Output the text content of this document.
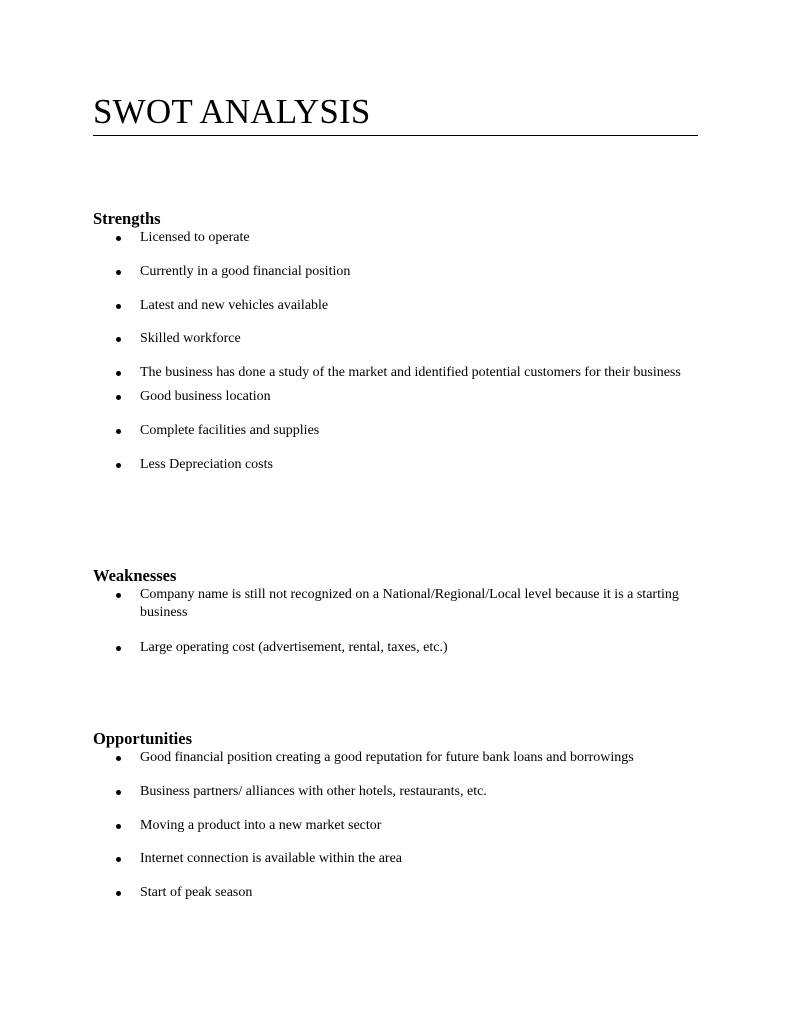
SWOT ANALYSIS
Strengths
Licensed to operate
Currently in a good financial position
Latest and new vehicles available
Skilled workforce
The business has done a study of the market and identified potential customers for their business
Good business location
Complete facilities and supplies
Less Depreciation costs
Weaknesses
Company name is still not recognized on a National/Regional/Local level because it is a starting business
Large operating cost (advertisement, rental, taxes, etc.)
Opportunities
Good financial position creating a good reputation for future bank loans and borrowings
Business partners/ alliances with other hotels, restaurants, etc.
Moving a product into a new market sector
Internet connection is available within the area
Start of peak season
